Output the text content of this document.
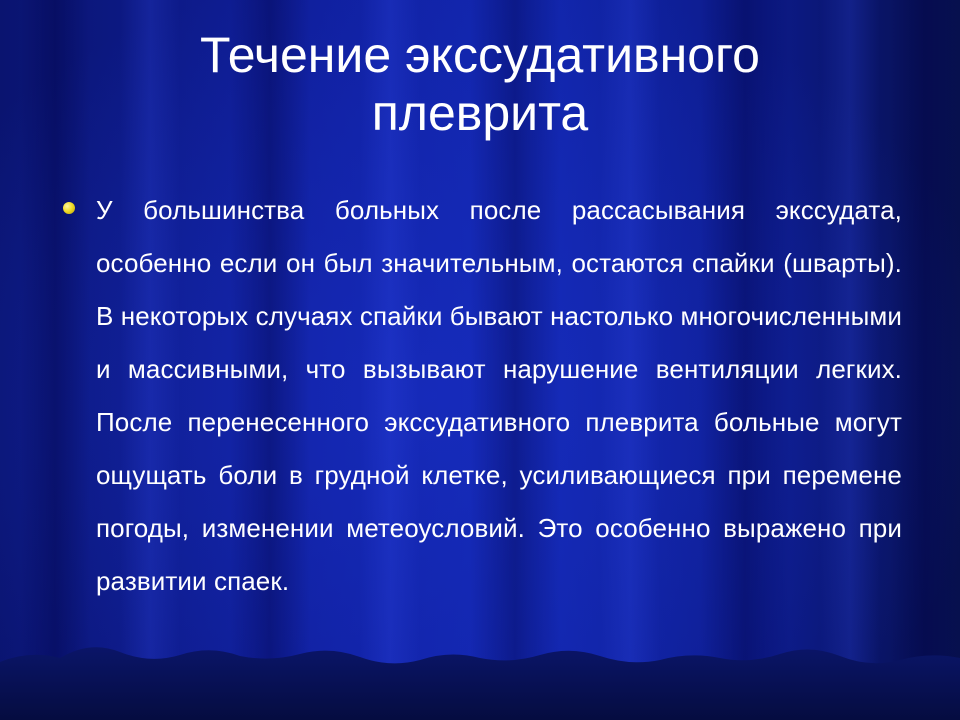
Течение экссудативного плеврита

У большинства больных после рассасывания экссудата, особенно если он был значительным, остаются спайки (шварты). В некоторых случаях спайки бывают настолько многочисленными и массивными, что вызывают нарушение вентиляции легких. После перенесенного экссудативного плеврита больные могут ощущать боли в грудной клетке, усиливающиеся при перемене погоды, изменении метеоусловий. Это особенно выражено при развитии спаек.
